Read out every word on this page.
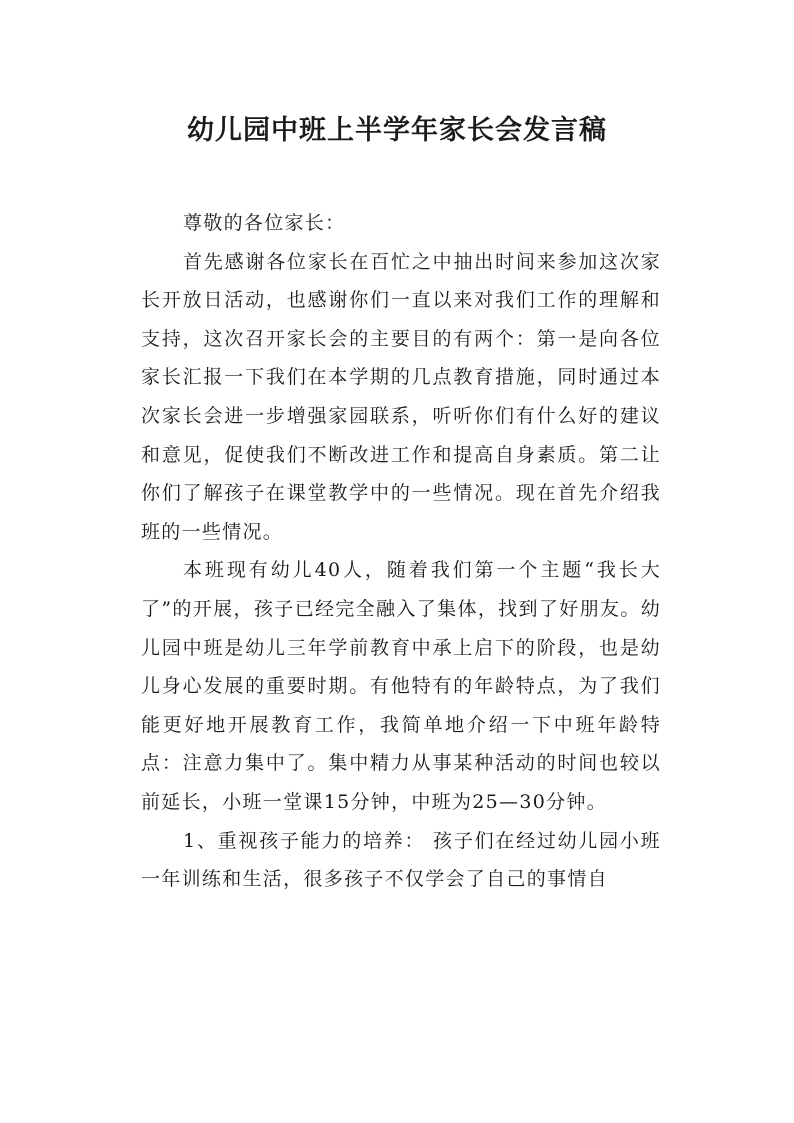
幼儿园中班上半学年家长会发言稿

尊敬的各位家长：

首先感谢各位家长在百忙之中抽出时间来参加这次家长开放日活动，也感谢你们一直以来对我们工作的理解和支持，这次召开家长会的主要目的有两个：第一是向各位家长汇报一下我们在本学期的几点教育措施，同时通过本次家长会进一步增强家园联系，听听你们有什么好的建议和意见，促使我们不断改进工作和提高自身素质。第二让你们了解孩子在课堂教学中的一些情况。现在首先介绍我班的一些情况。

本班现有幼儿40人，随着我们第一个主题“我长大了”的开展，孩子已经完全融入了集体，找到了好朋友。幼儿园中班是幼儿三年学前教育中承上启下的阶段，也是幼儿身心发展的重要时期。有他特有的年龄特点，为了我们能更好地开展教育工作，我简单地介绍一下中班年龄特点：注意力集中了。集中精力从事某种活动的时间也较以前延长，小班一堂课15分钟，中班为25—30分钟。

1、重视孩子能力的培养： 孩子们在经过幼儿园小班一年训练和生活，很多孩子不仅学会了自己的事情自
